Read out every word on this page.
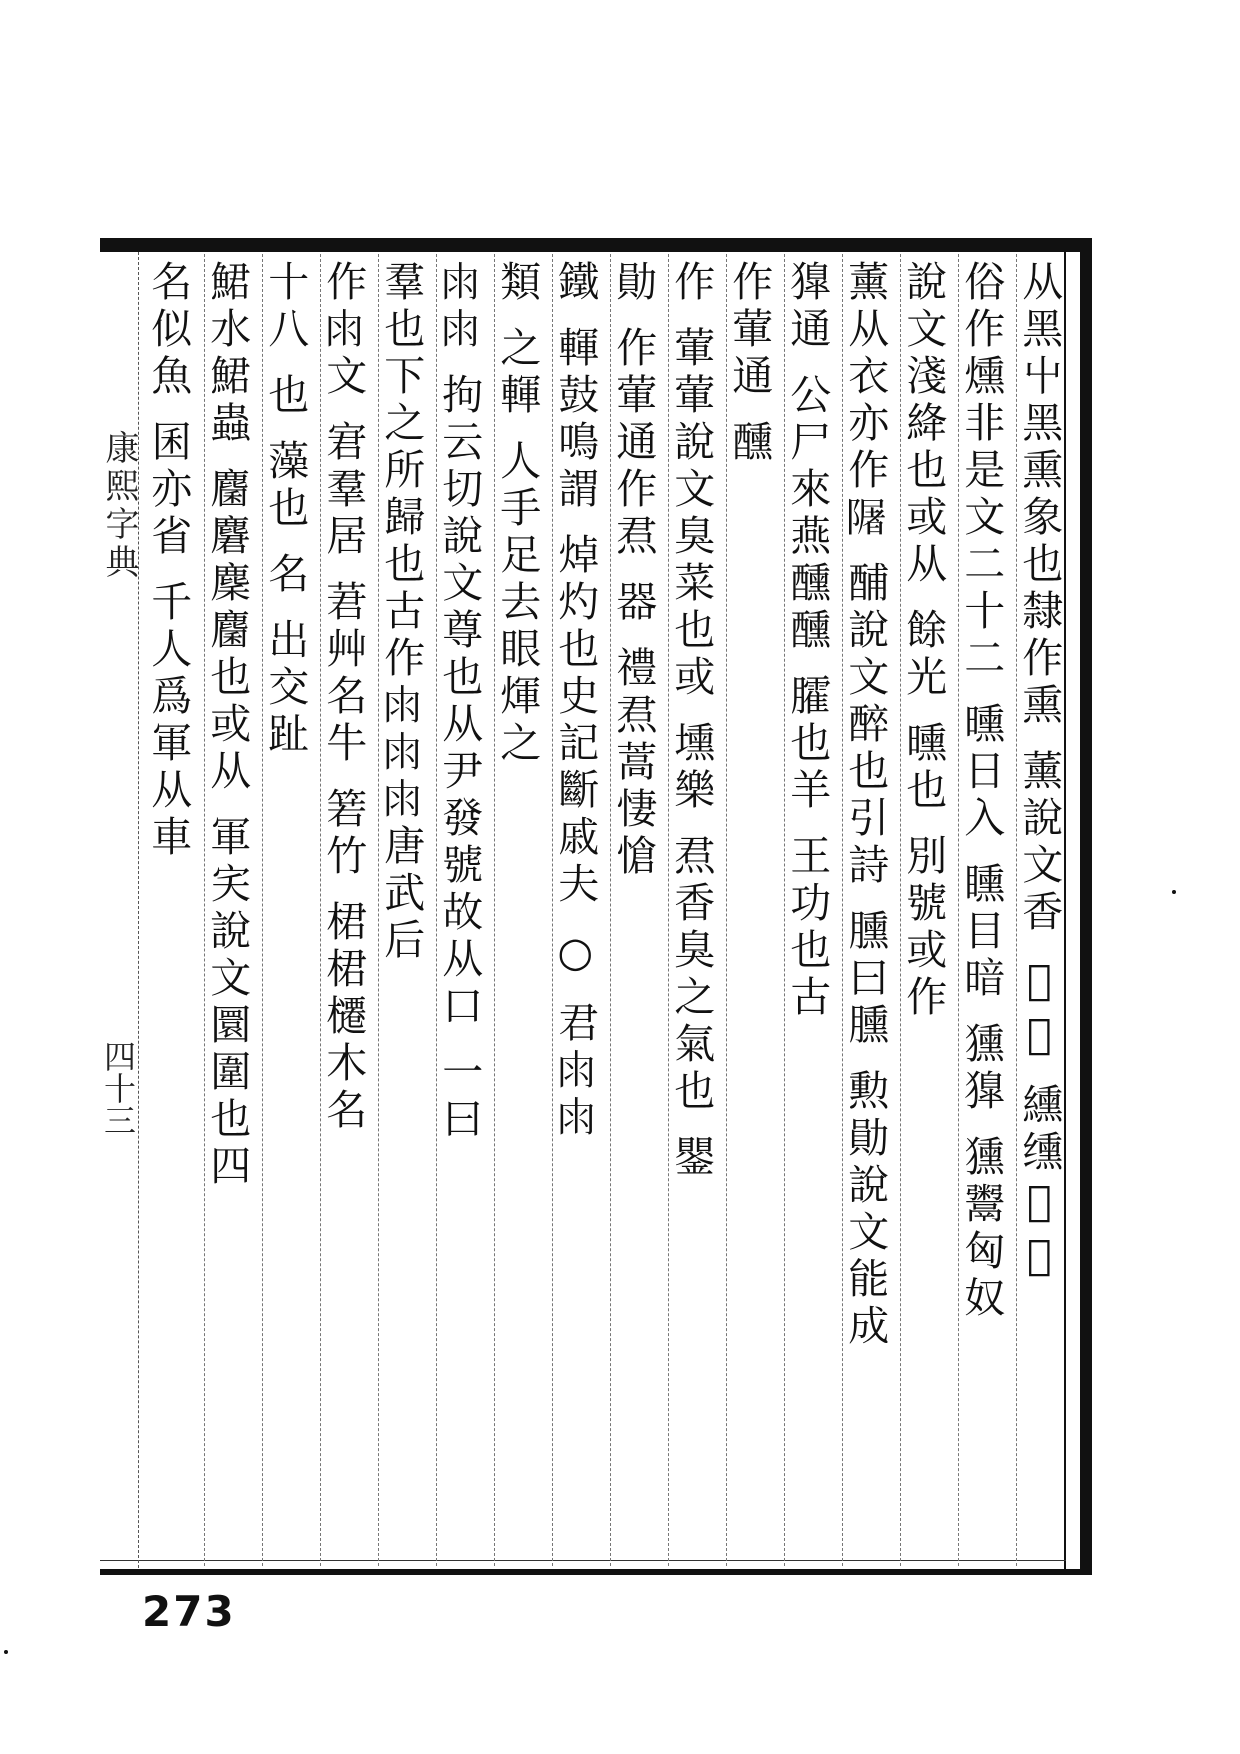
康熙字典
四十三	从黑屮黑熏象也隸作熏 薰說文香 𦶜也 纁𫄸𬙝𨼑
俗作燻非是文二十二 曛日入 矄目暗 獯獋 獯鬻匈奴
說文淺絳也或从 餘光 曛也 別號或作
薰从衣亦作𨼑 酺說文醉也引詩 臐曰臐 勲勛說文能成
獋通 公尸來燕醺醺 臛也羊 王功也古
作葷通 醺
作 葷葷說文臭菜也或 壎樂 焄香臭之氣也 鑍
勛 作葷通作焄 器 禮焄蒿悽愴
鐵 䡣鼓鳴謂 焯灼也史記斷戚夫 ○ 君𠕒𠕒
類 之䡣 人手足去眼煇之
𠕒𠕒 拘云切說文尊也从尹發號故从口 一曰
羣也下之所歸也古作𠕒𠕒𠕒唐武后
作𠕒文 宭羣居 莙艸名牛 箬竹 桾桾櫏木名
十八 也 藻也 名 出交趾
鮶水鮶蟲 麕麏麇麕也或从 軍宎說文圜圍也四
名似魚 囷亦省 千人爲軍从車
273
